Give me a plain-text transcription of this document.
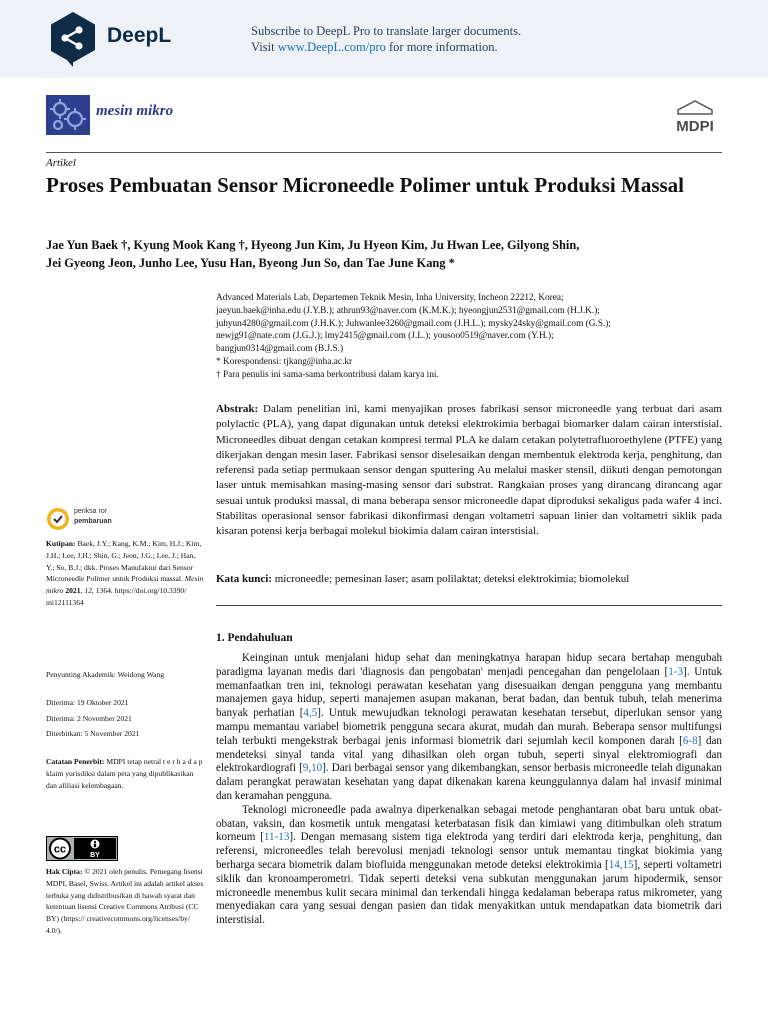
DeepL	Subscribe to DeepL Pro to translate larger documents.
Visit www.DeepL.com/pro for more information.
mesin mikro
MDPI
Artikel
Proses Pembuatan Sensor Microneedle Polimer untuk Produksi Massal
Jae Yun Baek †, Kyung Mook Kang †, Hyeong Jun Kim, Ju Hyeon Kim, Ju Hwan Lee, Gilyong Shin,
Jei Gyeong Jeon, Junho Lee, Yusu Han, Byeong Jun So, dan Tae June Kang *
Advanced Materials Lab, Departemen Teknik Mesin, Inha University, Incheon 22212, Korea;
jaeyun.baek@inha.edu (J.Y.B.); athrun93@naver.com (K.M.K.); hyeongjun2531@gmail.com (H.J.K.);
juhyun4280@gmail.com (J.H.K.); Juhwanlee3260@gmail.com (J.H.L.); mysky24sky@gmail.com (G.S.);
newjg91@nate.com (J.G.J.); lmy2415@gmail.com (J.L.); yousoo0519@naver.com (Y.H.);
bangjun0314@gmail.com (B.J.S.)
* Korespondensi: tjkang@inha.ac.kr
† Para penulis ini sama-sama berkontribusi dalam karya ini.
Abstrak: Dalam penelitian ini, kami menyajikan proses fabrikasi sensor microneedle yang terbuat dari asam polylactic (PLA), yang dapat digunakan untuk deteksi elektrokimia berbagai biomarker dalam cairan interstisial. Microneedles dibuat dengan cetakan kompresi termal PLA ke dalam cetakan polytetrafluoroethylene (PTFE) yang dikerjakan dengan mesin laser. Fabrikasi sensor diselesaikan dengan membentuk elektroda kerja, penghitung, dan referensi pada setiap permukaan sensor dengan sputtering Au melalui masker stensil, diikuti dengan pemotongan laser untuk memisahkan masing-masing sensor dari substrat. Rangkaian proses yang dirancang dirancang agar sesuai untuk produksi massal, di mana beberapa sensor microneedle dapat diproduksi sekaligus pada wafer 4 inci. Stabilitas operasional sensor fabrikasi dikonfirmasi dengan voltametri sapuan linier dan voltametri siklik pada kisaran potensi kerja berbagai molekul biokimia dalam cairan interstisial.
Kata kunci: microneedle; pemesinan laser; asam polilaktat; deteksi elektrokimia; biomolekul
periksa ror
pembaruan
Kutipan: Baek, J.Y.; Kang, K.M.; Kim, H.J.; Kim, J.H.; Lee, J.H.; Shin, G.; Jeon, J.G.; Lee, J.; Han, Y.; So, B.J.; dkk. Proses Manufaktur dari Sensor Microneedle Polimer untuk Produksi massal. Mesin mikro 2021, 12, 1364. https://doi.org/10.3390/ mi12111364
Penyunting Akademik: Weidong Wang
Diterima: 19 Oktober 2021
Diterima: 2 November 2021
Diterbitkan: 5 November 2021
Catatan Penerbit: MDPI tetap netral t e r h a d a p klaim yurisdiksi dalam peta yang dipublikasikan dan afiliasi kelembagaan.
cc	BY
Hak Cipta: © 2021 oleh penulis. Pemegang lisensi MDPI, Basel, Swiss. Artikel ini adalah artikel akses terbuka yang didistribusikan di bawah syarat dan ketentuan lisensi Creative Commons Atribusi (CC BY) (https:// creativecommons.org/licenses/by/ 4.0/).
1. Pendahuluan

Keinginan untuk menjalani hidup sehat dan meningkatnya harapan hidup secara bertahap mengubah paradigma layanan medis dari 'diagnosis dan pengobatan' menjadi pencegahan dan pengelolaan [1-3]. Untuk memanfaatkan tren ini, teknologi perawatan kesehatan yang disesuaikan dengan pengguna yang membantu manajemen gaya hidup, seperti manajemen asupan makanan, berat badan, dan bentuk tubuh, telah menerima banyak perhatian [4,5]. Untuk mewujudkan teknologi perawatan kesehatan tersebut, diperlukan sensor yang mampu memantau variabel biometrik pengguna secara akurat, mudah dan murah. Beberapa sensor multifungsi telah terbukti mengekstrak berbagai jenis informasi biometrik dari sejumlah kecil komponen darah [6-8] dan mendeteksi sinyal tanda vital yang dihasilkan oleh organ tubuh, seperti sinyal elektromiografi dan elektrokardiografi [9,10]. Dari berbagai sensor yang dikembangkan, sensor berbasis microneedle telah digunakan dalam perangkat perawatan kesehatan yang dapat dikenakan karena keunggulannya dalam hal invasif minimal dan keramahan pengguna.

Teknologi microneedle pada awalnya diperkenalkan sebagai metode penghantaran obat baru untuk obat-obatan, vaksin, dan kosmetik untuk mengatasi keterbatasan fisik dan kimiawi yang ditimbulkan oleh stratum korneum [11-13]. Dengan memasang sistem tiga elektroda yang terdiri dari elektroda kerja, penghitung, dan referensi, microneedles telah berevolusi menjadi teknologi sensor untuk memantau tingkat biokimia yang berharga secara biometrik dalam biofluida menggunakan metode deteksi elektrokimia [14,15], seperti voltametri siklik dan kronoamperometri. Tidak seperti deteksi vena subkutan menggunakan jarum hipodermik, sensor microneedle menembus kulit secara minimal dan terkendali hingga kedalaman beberapa ratus mikrometer, yang menyediakan cara yang sesuai dengan pasien dan tidak menyakitkan untuk mendapatkan data biometrik dari interstisial.
